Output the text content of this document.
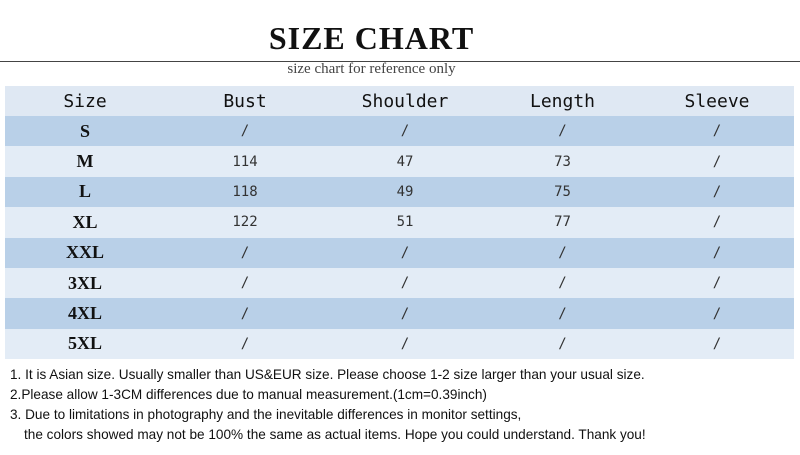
SIZE CHART
size chart for reference only
Size	Bust	Shoulder	Length	Sleeve
S	/	/	/	/
M	114	47	73	/
L	118	49	75	/
XL	122	51	77	/
XXL	/	/	/	/
3XL	/	/	/	/
4XL	/	/	/	/
5XL	/	/	/	/
1. It is Asian size. Usually smaller than US&EUR size. Please choose 1-2 size larger than your usual size.
2.Please allow 1-3CM differences due to manual measurement.(1cm=0.39inch)
3. Due to limitations in photography and the inevitable differences in monitor settings,
the colors showed may not be 100% the same as actual items. Hope you could understand. Thank you!
